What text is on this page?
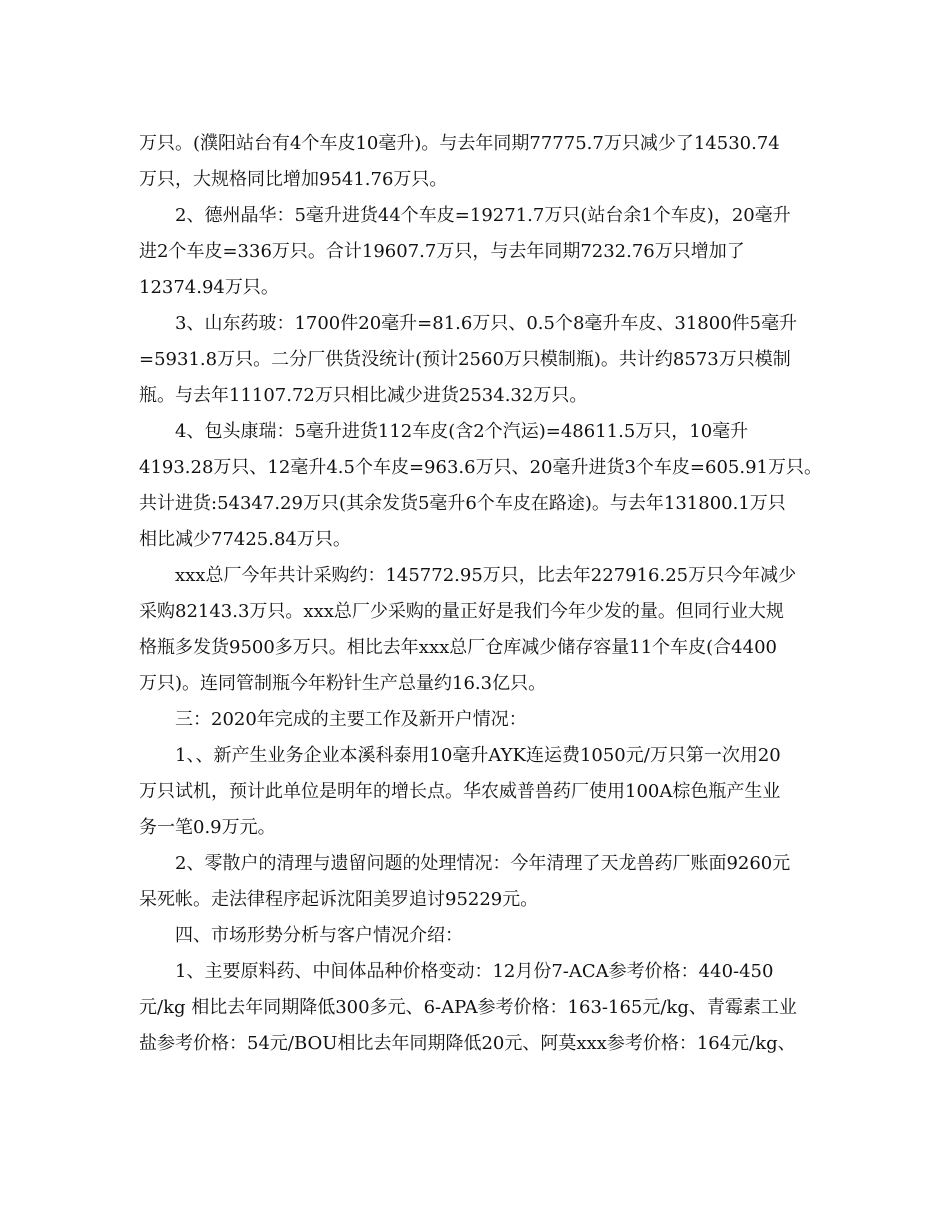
万只。(濮阳站台有4个车皮10毫升)。与去年同期77775.7万只减少了14530.74
万只，大规格同比增加9541.76万只。
2、德州晶华：5毫升进货44个车皮=19271.7万只(站台余1个车皮)，20毫升
进2个车皮=336万只。合计19607.7万只，与去年同期7232.76万只增加了
12374.94万只。
3、山东药玻：1700件20毫升=81.6万只、0.5个8毫升车皮、31800件5毫升
=5931.8万只。二分厂供货没统计(预计2560万只模制瓶)。共计约8573万只模制
瓶。与去年11107.72万只相比减少进货2534.32万只。
4、包头康瑞：5毫升进货112车皮(含2个汽运)=48611.5万只，10毫升
4193.28万只、12毫升4.5个车皮=963.6万只、20毫升进货3个车皮=605.91万只。
共计进货:54347.29万只(其余发货5毫升6个车皮在路途)。与去年131800.1万只
相比减少77425.84万只。
xxx总厂今年共计采购约：145772.95万只，比去年227916.25万只今年减少
采购82143.3万只。xxx总厂少采购的量正好是我们今年少发的量。但同行业大规
格瓶多发货9500多万只。相比去年xxx总厂仓库减少储存容量11个车皮(合4400
万只)。连同管制瓶今年粉针生产总量约16.3亿只。
三：2020年完成的主要工作及新开户情况：
1、、新产生业务企业本溪科泰用10毫升AYK连运费1050元/万只第一次用20
万只试机，预计此单位是明年的增长点。华农威普兽药厂使用100A棕色瓶产生业
务一笔0.9万元。
2、零散户的清理与遗留问题的处理情况：今年清理了天龙兽药厂账面9260元
呆死帐。走法律程序起诉沈阳美罗追讨95229元。
四、市场形势分析与客户情况介绍：
1、主要原料药、中间体品种价格变动：12月份7-ACA参考价格：440-450
元/kg 相比去年同期降低300多元、6-APA参考价格：163-165元/kg、青霉素工业
盐参考价格：54元/BOU相比去年同期降低20元、阿莫xxx参考价格：164元/kg、
